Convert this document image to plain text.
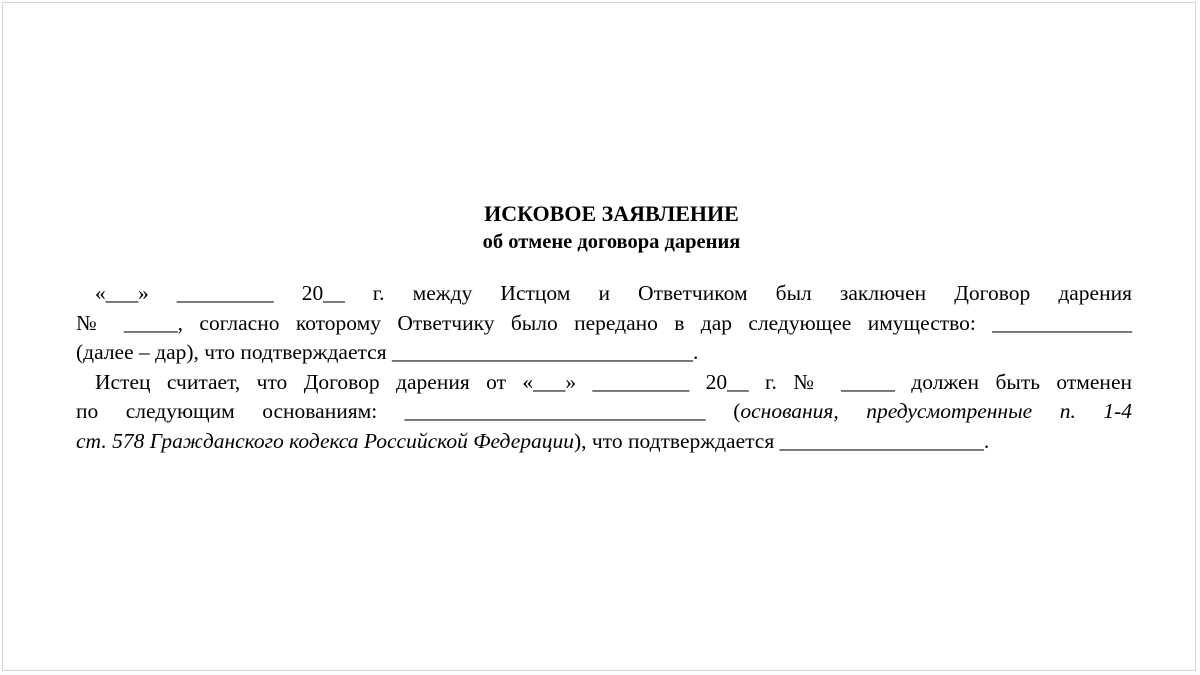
ИСКОВОЕ ЗАЯВЛЕНИЕ
об отмене договора дарения
«___» _________ 20__ г. между Истцом и Ответчиком был заключен Договор дарения
№ _____, согласно которому Ответчику было передано в дар следующее имущество: _____________
(далее – дар), что подтверждается ____________________________.
Истец считает, что Договор дарения от «___» _________ 20__ г. № _____ должен быть отменен
по следующим основаниям: ____________________________ (основания, предусмотренные п. 1-4
ст. 578 Гражданского кодекса Российской Федерации), что подтверждается ___________________.
